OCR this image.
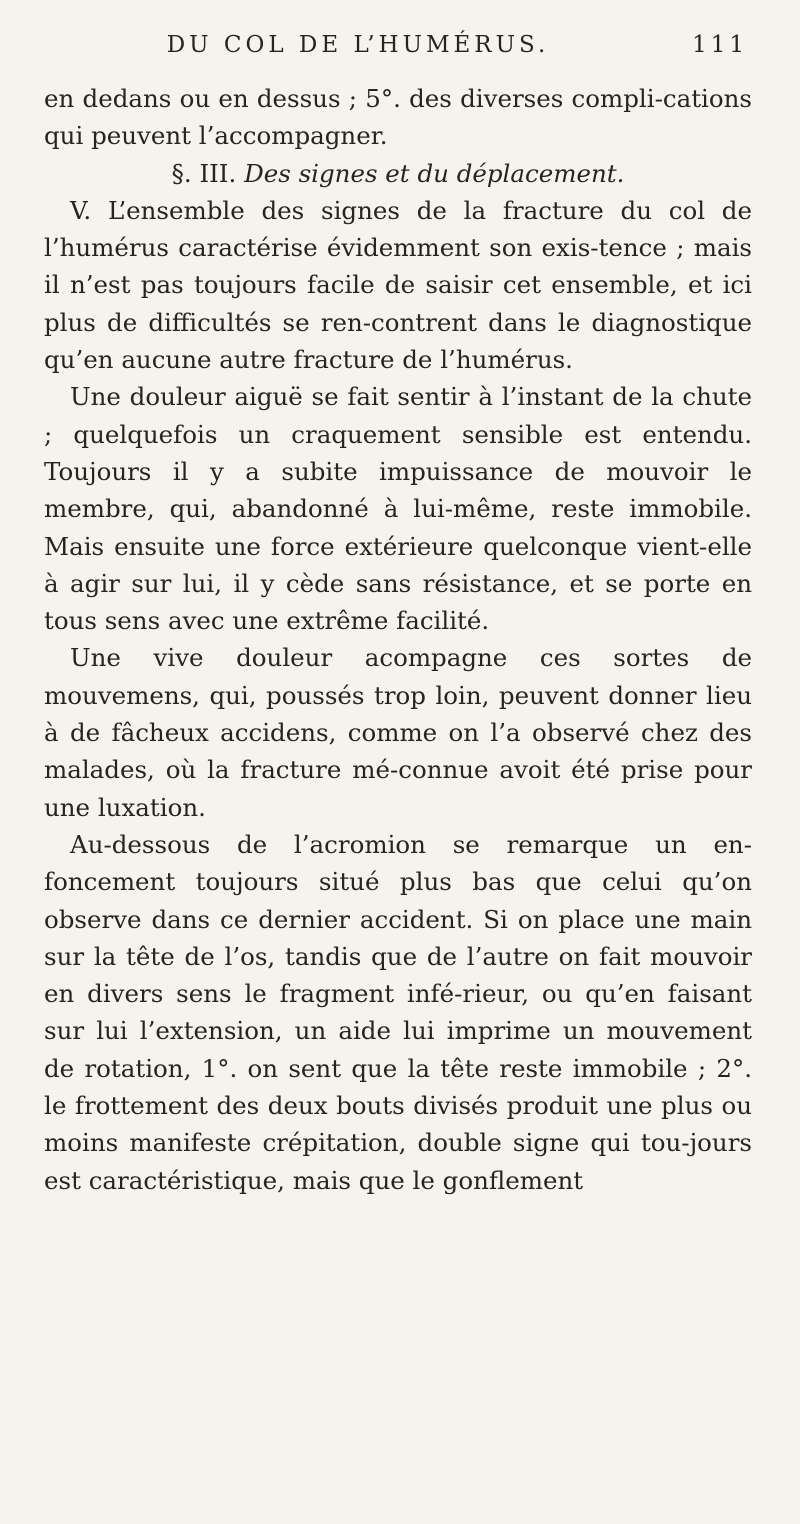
DU COL DE L’HUMÉRUS.	111

en dedans ou en dessus ; 5°. des diverses compli-cations qui peuvent l’accompagner.

§. III. Des signes et du déplacement.

V. L’ensemble des signes de la fracture du col de l’humérus caractérise évidemment son exis-tence ; mais il n’est pas toujours facile de saisir cet ensemble, et ici plus de difficultés se ren-contrent dans le diagnostique qu’en aucune autre fracture de l’humérus.

Une douleur aiguë se fait sentir à l’instant de la chute ; quelquefois un craquement sensible est entendu. Toujours il y a subite impuissance de mouvoir le membre, qui, abandonné à lui-même, reste immobile. Mais ensuite une force extérieure quelconque vient-elle à agir sur lui, il y cède sans résistance, et se porte en tous sens avec une extrême facilité.

Une vive douleur acompagne ces sortes de mouvemens, qui, poussés trop loin, peuvent donner lieu à de fâcheux accidens, comme on l’a observé chez des malades, où la fracture mé-connue avoit été prise pour une luxation.

Au-dessous de l’acromion se remarque un en-foncement toujours situé plus bas que celui qu’on observe dans ce dernier accident. Si on place une main sur la tête de l’os, tandis que de l’autre on fait mouvoir en divers sens le fragment infé-rieur, ou qu’en faisant sur lui l’extension, un aide lui imprime un mouvement de rotation, 1°. on sent que la tête reste immobile ; 2°. le frottement des deux bouts divisés produit une plus ou moins manifeste crépitation, double signe qui tou-jours est caractéristique, mais que le gonflement
